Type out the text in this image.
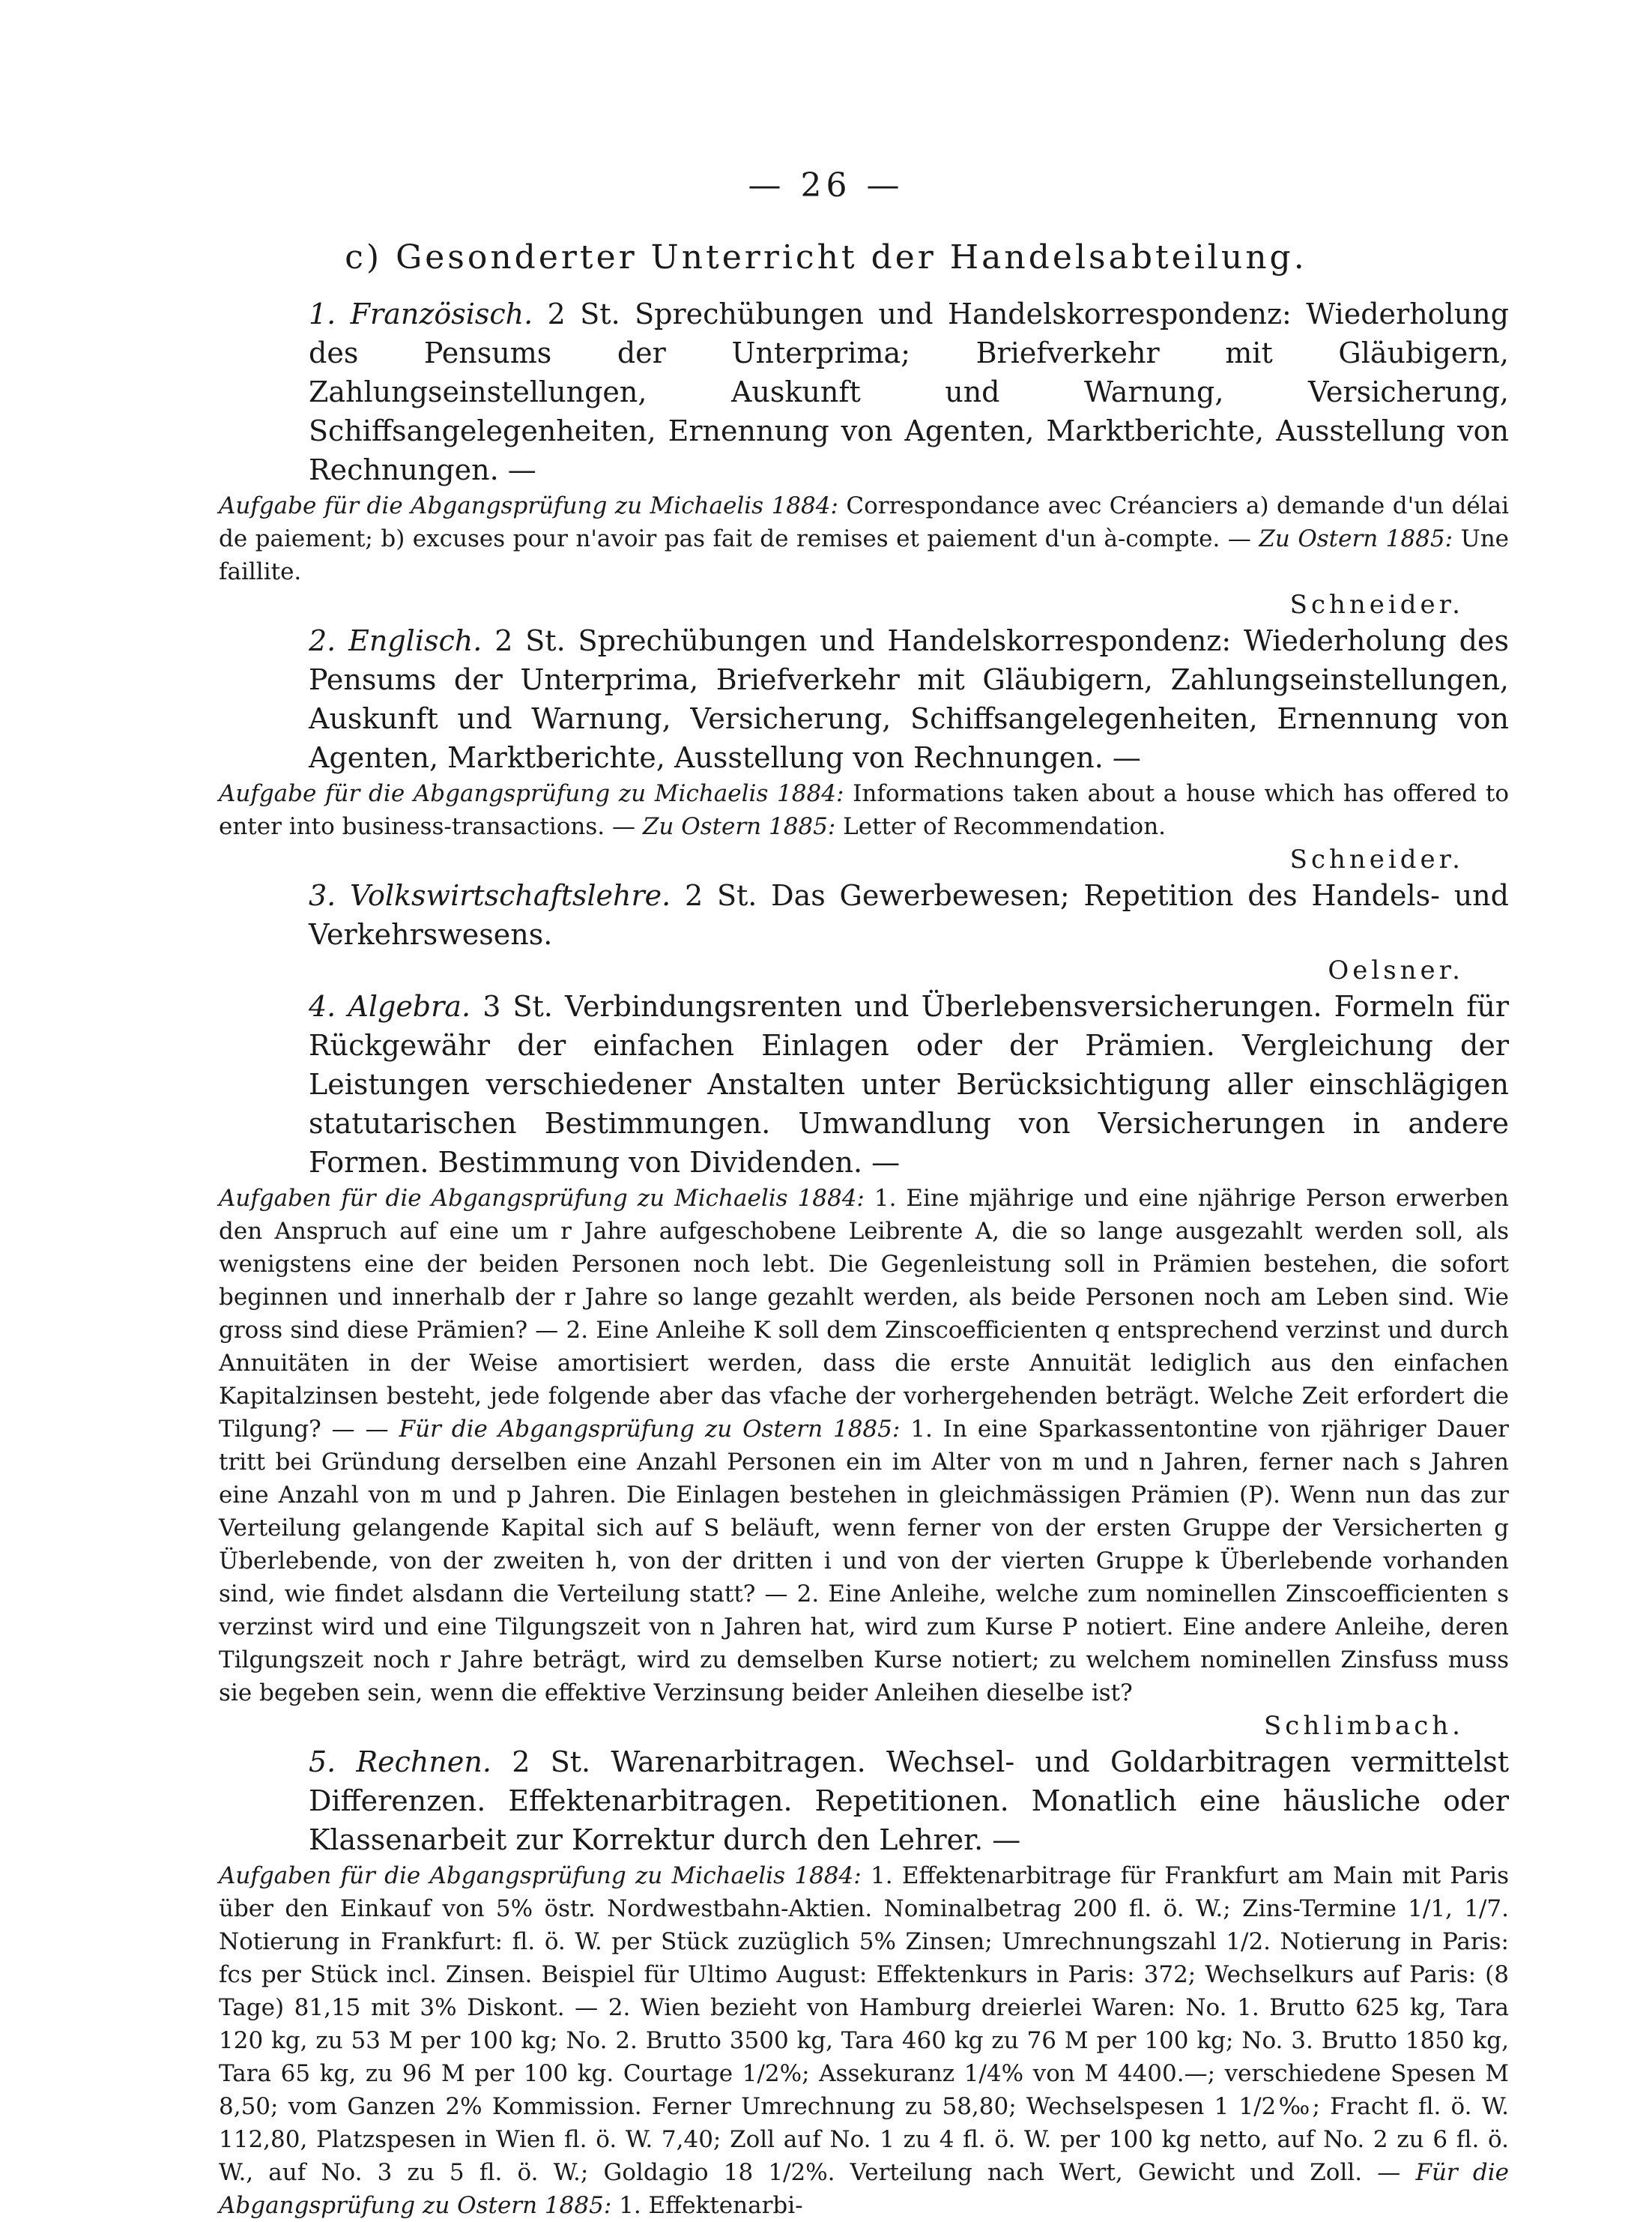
— 26 —
c) Gesonderter Unterricht der Handelsabteilung.

1. Französisch. 2 St. Sprechübungen und Handelskorrespondenz: Wiederholung des Pensums der Unterprima; Briefverkehr mit Gläubigern, Zahlungseinstellungen, Auskunft und Warnung, Versicherung, Schiffsangelegenheiten, Ernennung von Agenten, Marktberichte, Ausstellung von Rechnungen. —

Aufgabe für die Abgangsprüfung zu Michaelis 1884: Correspondance avec Créanciers a) demande d'un délai de paiement; b) excuses pour n'avoir pas fait de remises et paiement d'un à-compte. — Zu Ostern 1885: Une faillite.

Schneider.

2. Englisch. 2 St. Sprechübungen und Handelskorrespondenz: Wiederholung des Pensums der Unterprima, Briefverkehr mit Gläubigern, Zahlungseinstellungen, Auskunft und Warnung, Versicherung, Schiffsangelegenheiten, Ernennung von Agenten, Marktberichte, Ausstellung von Rechnungen. —

Aufgabe für die Abgangsprüfung zu Michaelis 1884: Informations taken about a house which has offered to enter into business-transactions. — Zu Ostern 1885: Letter of Recommendation.

Schneider.

3. Volkswirtschaftslehre. 2 St. Das Gewerbewesen; Repetition des Handels- und Verkehrswesens.

Oelsner.

4. Algebra. 3 St. Verbindungsrenten und Überlebensversicherungen. Formeln für Rückgewähr der einfachen Einlagen oder der Prämien. Vergleichung der Leistungen verschiedener Anstalten unter Berücksichtigung aller einschlägigen statutarischen Bestimmungen. Umwandlung von Versicherungen in andere Formen. Bestimmung von Dividenden. —

Aufgaben für die Abgangsprüfung zu Michaelis 1884: 1. Eine mjährige und eine njährige Person erwerben den Anspruch auf eine um r Jahre aufgeschobene Leibrente A, die so lange ausgezahlt werden soll, als wenigstens eine der beiden Personen noch lebt. Die Gegenleistung soll in Prämien bestehen, die sofort beginnen und innerhalb der r Jahre so lange gezahlt werden, als beide Personen noch am Leben sind. Wie gross sind diese Prämien? — 2. Eine Anleihe K soll dem Zinscoefficienten q entsprechend verzinst und durch Annuitäten in der Weise amortisiert werden, dass die erste Annuität lediglich aus den einfachen Kapitalzinsen besteht, jede folgende aber das vfache der vorhergehenden beträgt. Welche Zeit erfordert die Tilgung? — — Für die Abgangsprüfung zu Ostern 1885: 1. In eine Sparkassentontine von rjähriger Dauer tritt bei Gründung derselben eine Anzahl Personen ein im Alter von m und n Jahren, ferner nach s Jahren eine Anzahl von m und p Jahren. Die Einlagen bestehen in gleichmässigen Prämien (P). Wenn nun das zur Verteilung gelangende Kapital sich auf S beläuft, wenn ferner von der ersten Gruppe der Versicherten g Überlebende, von der zweiten h, von der dritten i und von der vierten Gruppe k Überlebende vorhanden sind, wie findet alsdann die Verteilung statt? — 2. Eine Anleihe, welche zum nominellen Zinscoefficienten s verzinst wird und eine Tilgungszeit von n Jahren hat, wird zum Kurse P notiert. Eine andere Anleihe, deren Tilgungszeit noch r Jahre beträgt, wird zu demselben Kurse notiert; zu welchem nominellen Zinsfuss muss sie begeben sein, wenn die effektive Verzinsung beider Anleihen dieselbe ist?

Schlimbach.

5. Rechnen. 2 St. Warenarbitragen. Wechsel- und Goldarbitragen vermittelst Differenzen. Effektenarbitragen. Repetitionen. Monatlich eine häusliche oder Klassenarbeit zur Korrektur durch den Lehrer. —

Aufgaben für die Abgangsprüfung zu Michaelis 1884: 1. Effektenarbitrage für Frankfurt am Main mit Paris über den Einkauf von 5% östr. Nordwestbahn-Aktien. Nominalbetrag 200 fl. ö. W.; Zins-Termine 1/1, 1/7. Notierung in Frankfurt: fl. ö. W. per Stück zuzüglich 5% Zinsen; Umrechnungszahl 1/2. Notierung in Paris: fcs per Stück incl. Zinsen. Beispiel für Ultimo August: Effektenkurs in Paris: 372; Wechselkurs auf Paris: (8 Tage) 81,15 mit 3% Diskont. — 2. Wien bezieht von Hamburg dreierlei Waren: No. 1. Brutto 625 kg, Tara 120 kg, zu 53 M per 100 kg; No. 2. Brutto 3500 kg, Tara 460 kg zu 76 M per 100 kg; No. 3. Brutto 1850 kg, Tara 65 kg, zu 96 M per 100 kg. Courtage 1/2%; Assekuranz 1/4% von M 4400.—; verschiedene Spesen M 8,50; vom Ganzen 2% Kommission. Ferner Umrechnung zu 58,80; Wechselspesen 1 1/2‰; Fracht fl. ö. W. 112,80, Platzspesen in Wien fl. ö. W. 7,40; Zoll auf No. 1 zu 4 fl. ö. W. per 100 kg netto, auf No. 2 zu 6 fl. ö. W., auf No. 3 zu 5 fl. ö. W.; Goldagio 18 1/2%. Verteilung nach Wert, Gewicht und Zoll. — Für die Abgangsprüfung zu Ostern 1885: 1. Effektenarbi-
